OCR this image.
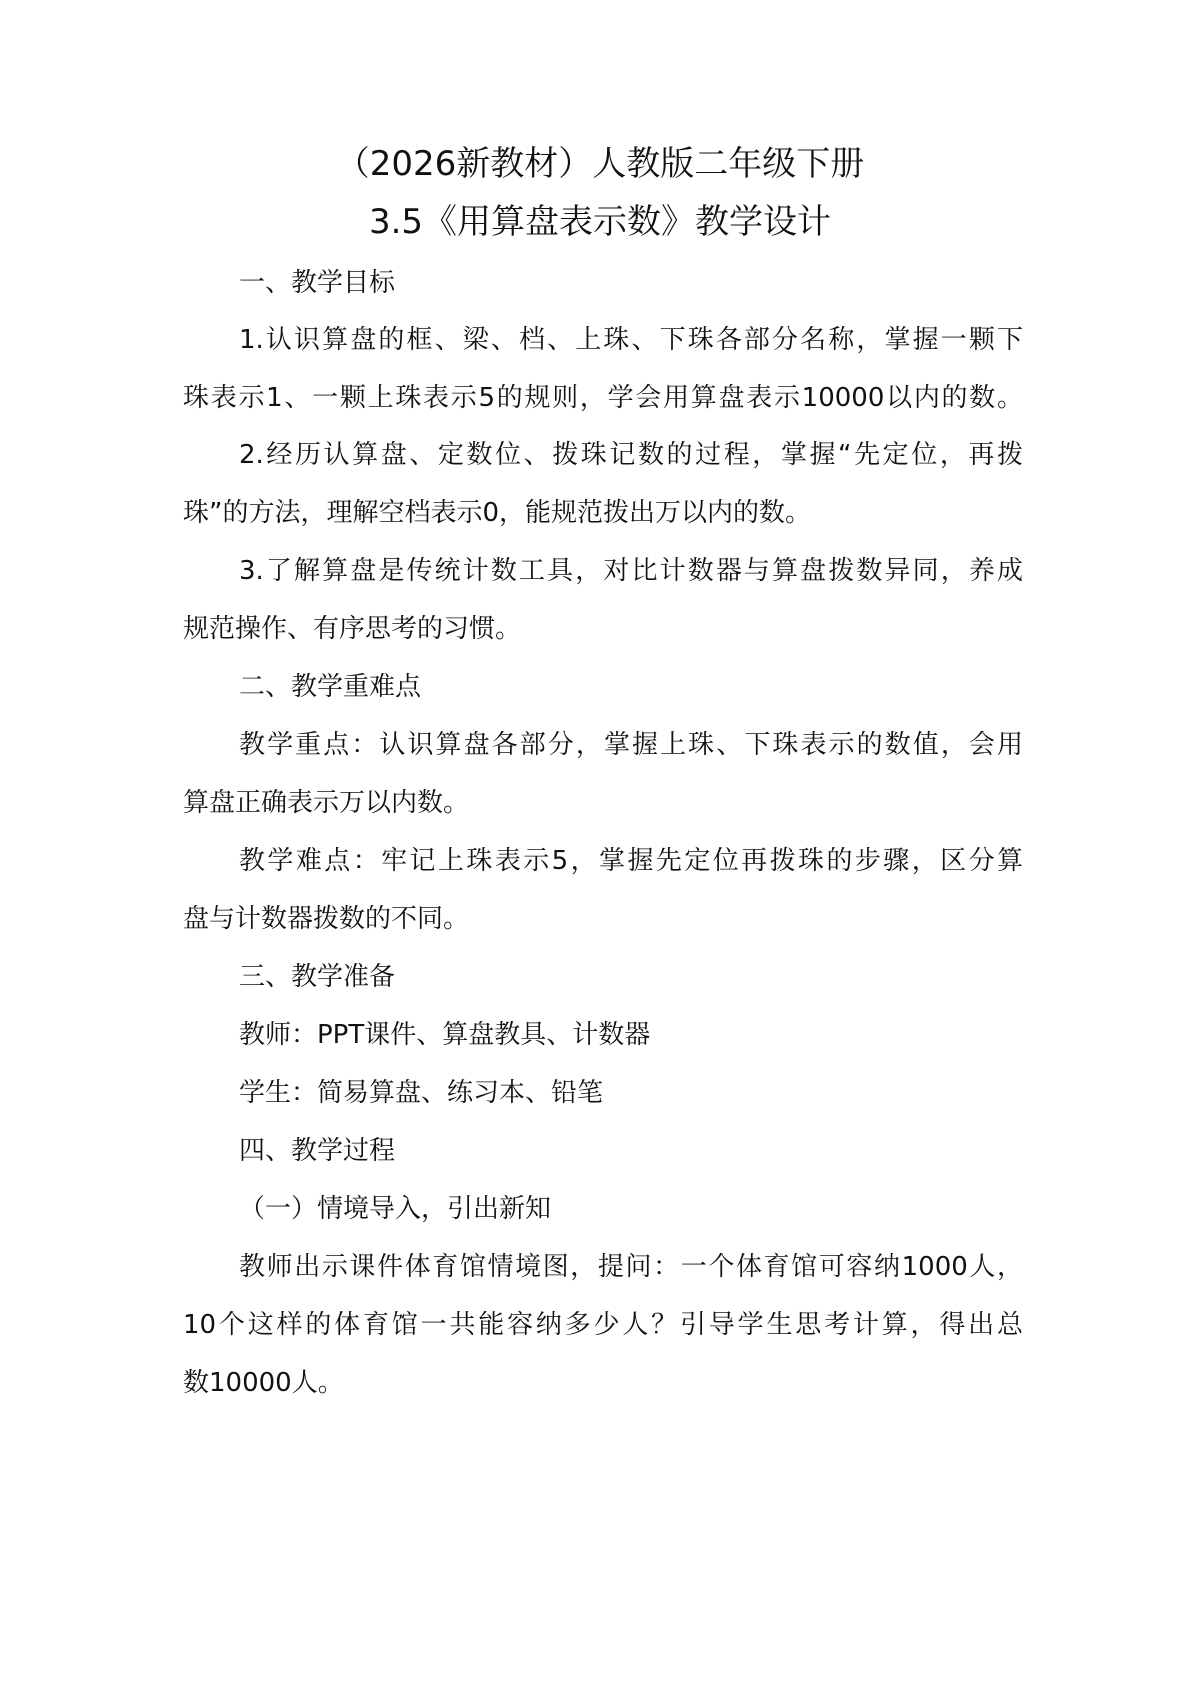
（2026新教材）人教版二年级下册
3.5《用算盘表示数》教学设计
一、教学目标
1.认识算盘的框、梁、档、上珠、下珠各部分名称，掌握一颗下
珠表示1、一颗上珠表示5的规则，学会用算盘表示10000以内的数。
2.经历认算盘、定数位、拨珠记数的过程，掌握“先定位，再拨
珠”的方法，理解空档表示0，能规范拨出万以内的数。
3.了解算盘是传统计数工具，对比计数器与算盘拨数异同，养成
规范操作、有序思考的习惯。
二、教学重难点
教学重点：认识算盘各部分，掌握上珠、下珠表示的数值，会用
算盘正确表示万以内数。
教学难点：牢记上珠表示5，掌握先定位再拨珠的步骤，区分算
盘与计数器拨数的不同。
三、教学准备
教师：PPT课件、算盘教具、计数器
学生：简易算盘、练习本、铅笔
四、教学过程
（一）情境导入，引出新知
教师出示课件体育馆情境图，提问：一个体育馆可容纳1000人，
10个这样的体育馆一共能容纳多少人？引导学生思考计算，得出总
数10000人。
